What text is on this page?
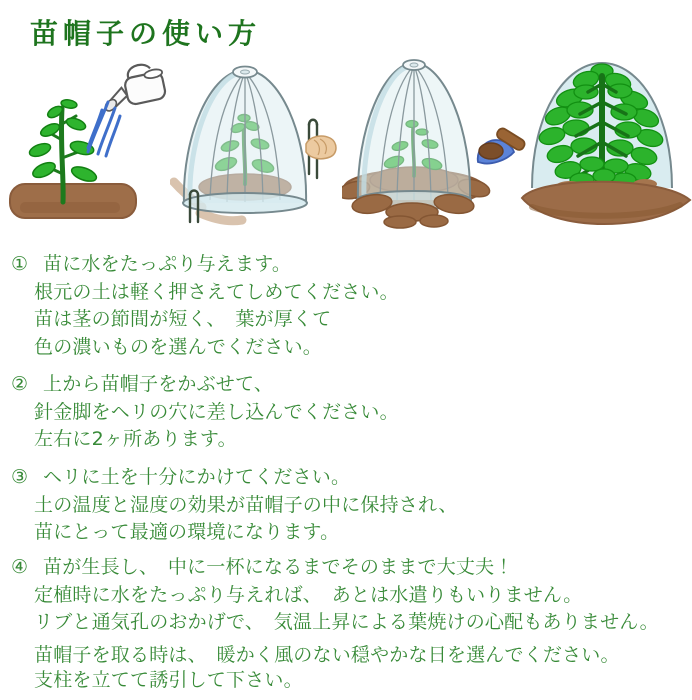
苗帽子の使い方
① 苗に水をたっぷり与えます。
根元の土は軽く押さえてしめてください。
苗は茎の節間が短く、　葉が厚くて
色の濃いものを選んでください。
② 上から苗帽子をかぶせて、
針金脚をヘリの穴に差し込んでください。
左右に2ヶ所あります。
③ ヘリに土を十分にかけてください。
土の温度と湿度の効果が苗帽子の中に保持され、
苗にとって最適の環境になります。
④ 苗が生長し、　中に一杯になるまでそのままで大丈夫！
定植時に水をたっぷり与えれば、　あとは水遣りもいりません。
リブと通気孔のおかげで、　気温上昇による葉焼けの心配もありません。
苗帽子を取る時は、　暖かく風のない穏やかな日を選んでください。
支柱を立てて誘引して下さい。
